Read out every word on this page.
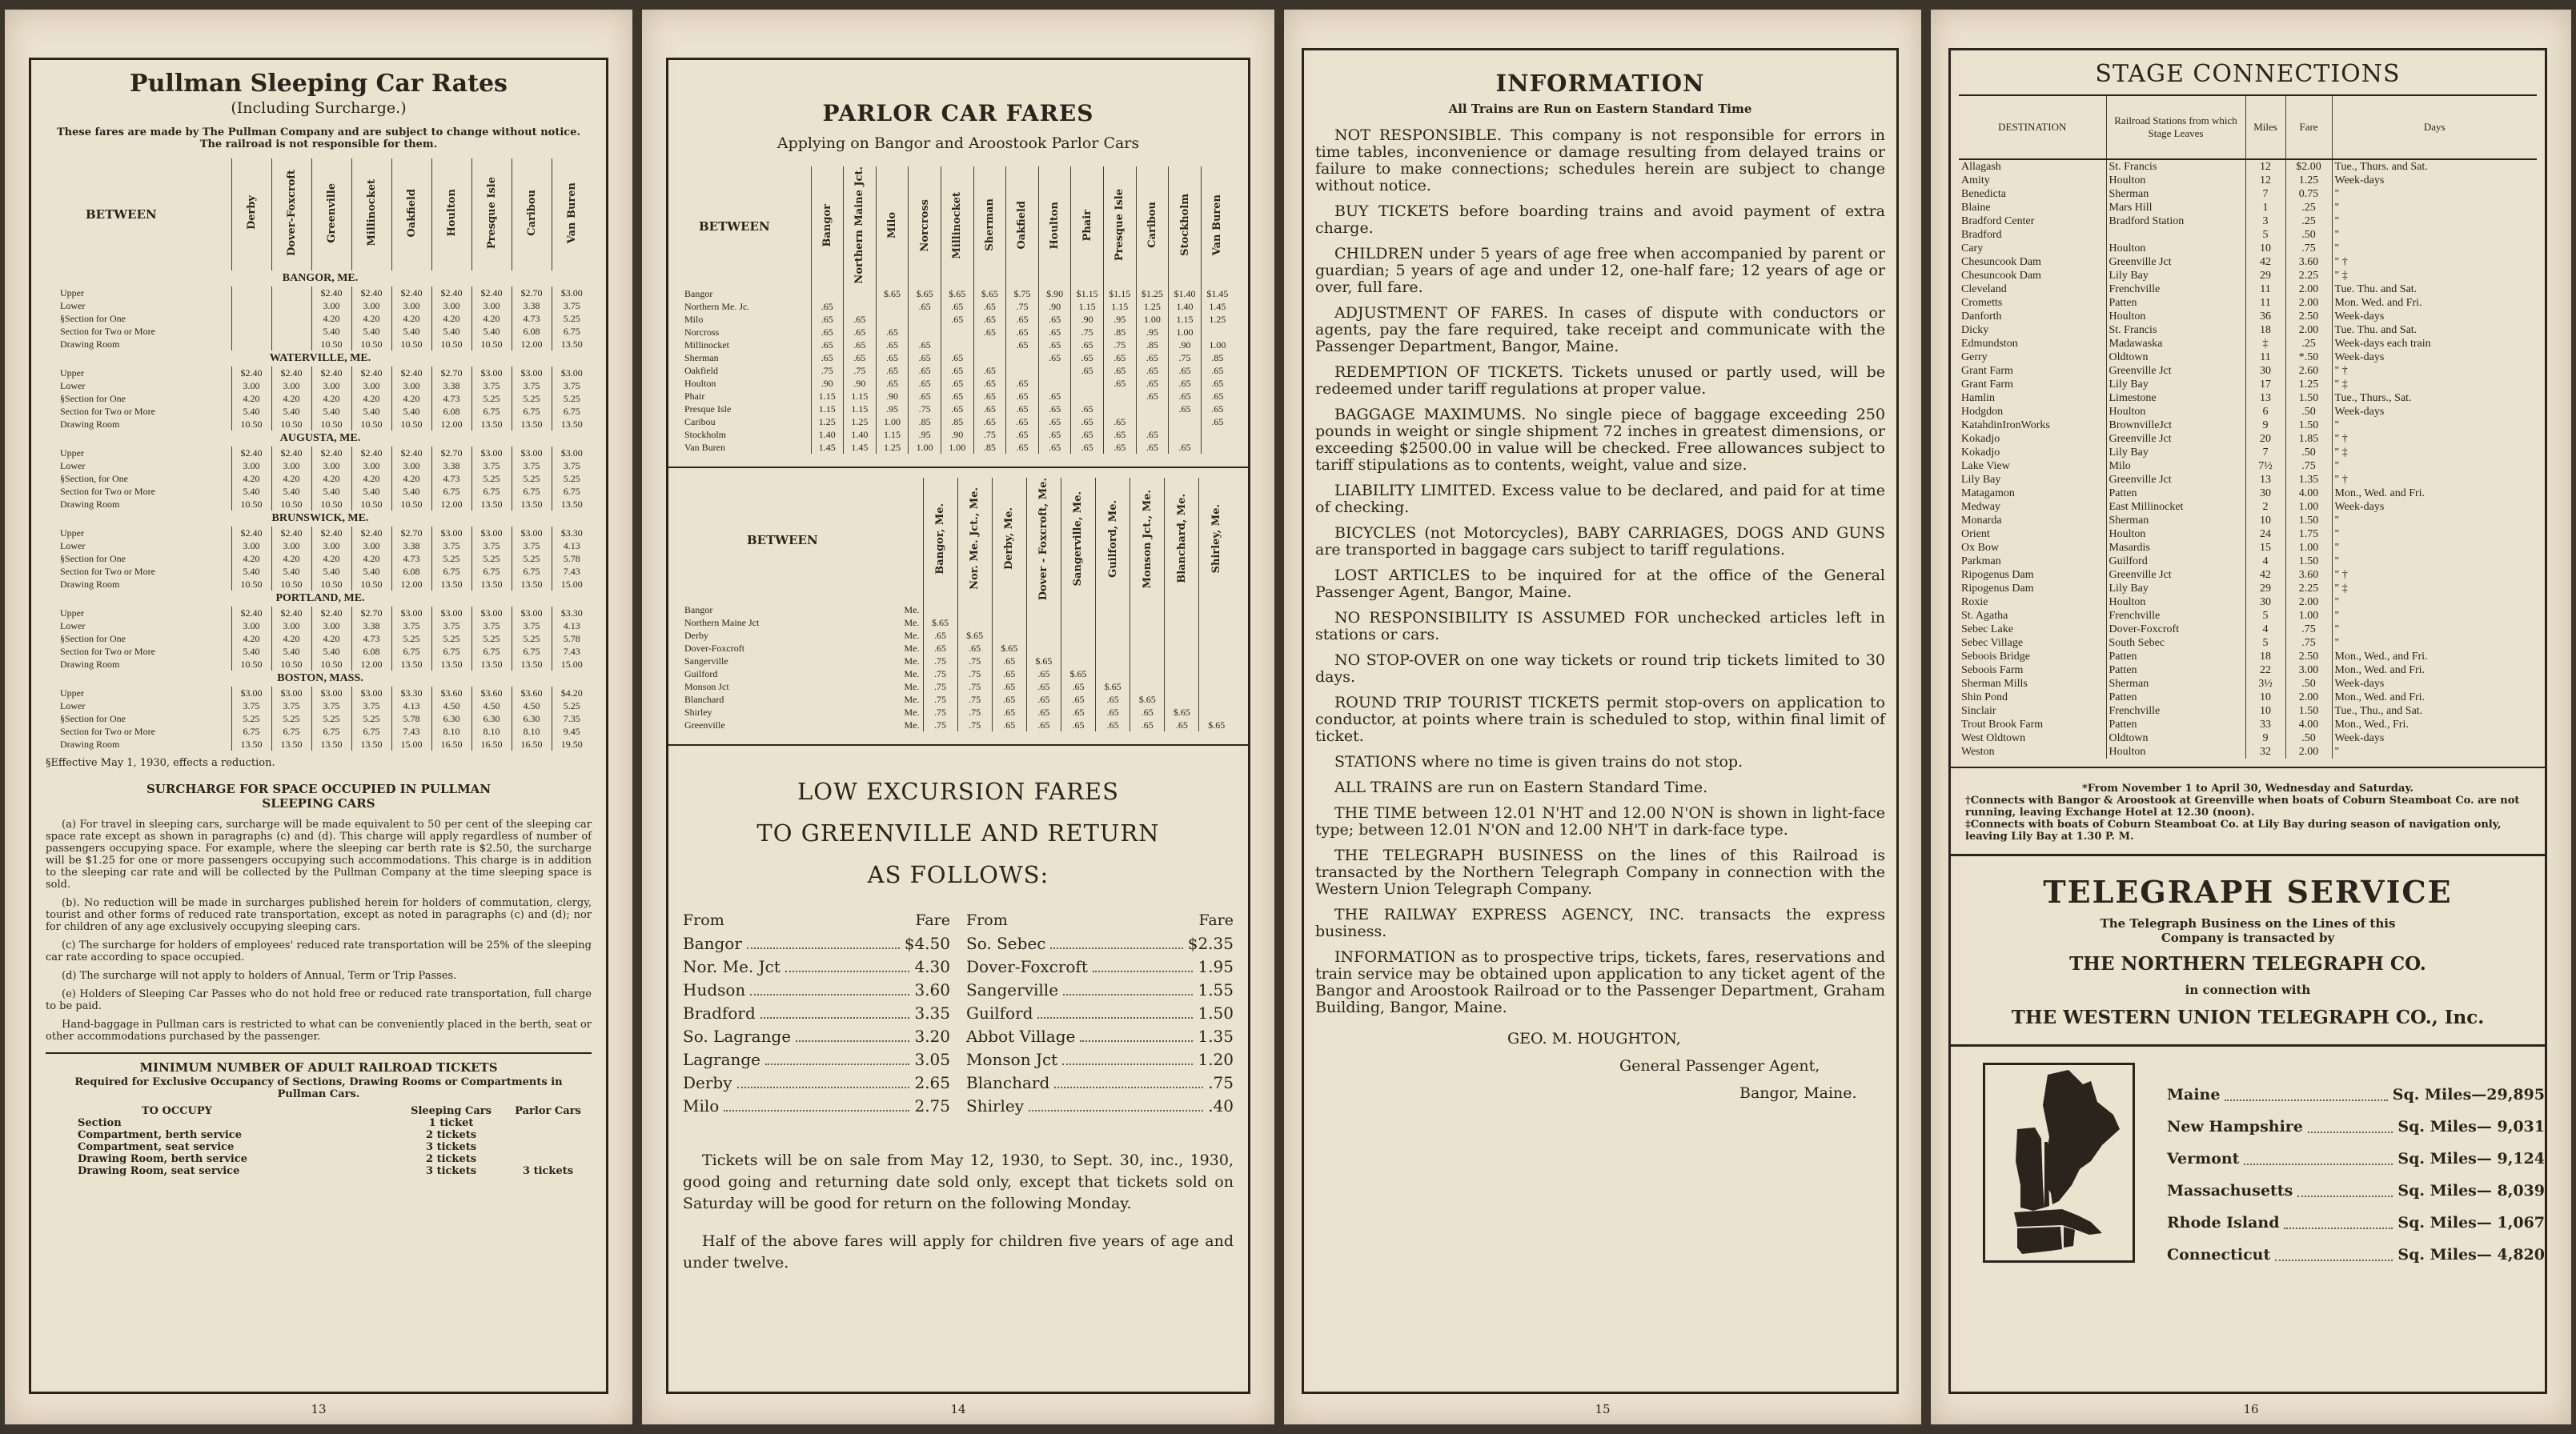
Pullman Sleeping Car Rates
(Including Surcharge.)
These fares are made by The Pullman Company and are subject to change without notice. The railroad is not responsible for them.
BETWEEN	Derby	Dover-Foxcroft	Greenville	Millinocket	Oakfield	Houlton	Presque Isle	Caribou	Van Buren
BANGOR, ME.									
Upper			$2.40	$2.40	$2.40	$2.40	$2.40	$2.70	$3.00
Lower			3.00	3.00	3.00	3.00	3.00	3.38	3.75
§Section for One			4.20	4.20	4.20	4.20	4.20	4.73	5.25
Section for Two or More			5.40	5.40	5.40	5.40	5.40	6.08	6.75
Drawing Room			10.50	10.50	10.50	10.50	10.50	12.00	13.50
WATERVILLE, ME.									
Upper	$2.40	$2.40	$2.40	$2.40	$2.40	$2.70	$3.00	$3.00	$3.00
Lower	3.00	3.00	3.00	3.00	3.00	3.38	3.75	3.75	3.75
§Section for One	4.20	4.20	4.20	4.20	4.20	4.73	5.25	5.25	5.25
Section for Two or More	5.40	5.40	5.40	5.40	5.40	6.08	6.75	6.75	6.75
Drawing Room	10.50	10.50	10.50	10.50	10.50	12.00	13.50	13.50	13.50
AUGUSTA, ME.									
Upper	$2.40	$2.40	$2.40	$2.40	$2.40	$2.70	$3.00	$3.00	$3.00
Lower	3.00	3.00	3.00	3.00	3.00	3.38	3.75	3.75	3.75
§Section, for One	4.20	4.20	4.20	4.20	4.20	4.73	5.25	5.25	5.25
Section for Two or More	5.40	5.40	5.40	5.40	5.40	6.75	6.75	6.75	6.75
Drawing Room	10.50	10.50	10.50	10.50	10.50	12.00	13.50	13.50	13.50
BRUNSWICK, ME.									
Upper	$2.40	$2.40	$2.40	$2.40	$2.70	$3.00	$3.00	$3.00	$3.30
Lower	3.00	3.00	3.00	3.00	3.38	3.75	3.75	3.75	4.13
§Section for One	4.20	4.20	4.20	4.20	4.73	5.25	5.25	5.25	5.78
Section for Two or More	5.40	5.40	5.40	5.40	6.08	6.75	6.75	6.75	7.43
Drawing Room	10.50	10.50	10.50	10.50	12.00	13.50	13.50	13.50	15.00
PORTLAND, ME.									
Upper	$2.40	$2.40	$2.40	$2.70	$3.00	$3.00	$3.00	$3.00	$3.30
Lower	3.00	3.00	3.00	3.38	3.75	3.75	3.75	3.75	4.13
§Section for One	4.20	4.20	4.20	4.73	5.25	5.25	5.25	5.25	5.78
Section for Two or More	5.40	5.40	5.40	6.08	6.75	6.75	6.75	6.75	7.43
Drawing Room	10.50	10.50	10.50	12.00	13.50	13.50	13.50	13.50	15.00
BOSTON, MASS.									
Upper	$3.00	$3.00	$3.00	$3.00	$3.30	$3.60	$3.60	$3.60	$4.20
Lower	3.75	3.75	3.75	3.75	4.13	4.50	4.50	4.50	5.25
§Section for One	5.25	5.25	5.25	5.25	5.78	6.30	6.30	6.30	7.35
Section for Two or More	6.75	6.75	6.75	6.75	7.43	8.10	8.10	8.10	9.45
Drawing Room	13.50	13.50	13.50	13.50	15.00	16.50	16.50	16.50	19.50
§Effective May 1, 1930, effects a reduction.
SURCHARGE FOR SPACE OCCUPIED IN PULLMAN SLEEPING CARS

(a) For travel in sleeping cars, surcharge will be made equivalent to 50 per cent of the sleeping car space rate except as shown in paragraphs (c) and (d). This charge will apply regardless of number of passengers occupying space. For example, where the sleeping car berth rate is $2.50, the surcharge will be $1.25 for one or more passengers occupying such accommodations. This charge is in addition to the sleeping car rate and will be collected by the Pullman Company at the time sleeping space is sold.

(b). No reduction will be made in surcharges published herein for holders of commutation, clergy, tourist and other forms of reduced rate transportation, except as noted in paragraphs (c) and (d); nor for children of any age exclusively occupying sleeping cars.

(c) The surcharge for holders of employees' reduced rate transportation will be 25% of the sleeping car rate according to space occupied.

(d) The surcharge will not apply to holders of Annual, Term or Trip Passes.

(e) Holders of Sleeping Car Passes who do not hold free or reduced rate transportation, full charge to be paid.

Hand-baggage in Pullman cars is restricted to what can be conveniently placed in the berth, seat or other accommodations purchased by the passenger.

MINIMUM NUMBER OF ADULT RAILROAD TICKETS
Required for Exclusive Occupancy of Sections, Drawing Rooms or Compartments in Pullman Cars.
TO OCCUPY	Sleeping Cars	Parlor Cars
Section	1 ticket	
Compartment, berth service	2 tickets	
Compartment, seat service	3 tickets	
Drawing Room, berth service	2 tickets	
Drawing Room, seat service	3 tickets	3 tickets
13
PARLOR CAR FARES
Applying on Bangor and Aroostook Parlor Cars
BETWEEN	Bangor	Northern Maine Jct.	Milo	Norcross	Millinocket	Sherman	Oakfield	Houlton	Phair	Presque Isle	Caribou	Stockholm	Van Buren
Bangor			$.65	$.65	$.65	$.65	$.75	$.90	$1.15	$1.15	$1.25	$1.40	$1.45
Northern Me. Jc.	.65			.65	.65	.65	.75	.90	1.15	1.15	1.25	1.40	1.45
Milo	.65	.65			.65	.65	.65	.65	.90	.95	1.00	1.15	1.25
Norcross	.65	.65	.65			.65	.65	.65	.75	.85	.95	1.00	
Millinocket	.65	.65	.65	.65			.65	.65	.65	.75	.85	.90	1.00
Sherman	.65	.65	.65	.65	.65			.65	.65	.65	.65	.75	.85
Oakfield	.75	.75	.65	.65	.65	.65			.65	.65	.65	.65	.65
Houlton	.90	.90	.65	.65	.65	.65	.65			.65	.65	.65	.65
Phair	1.15	1.15	.90	.65	.65	.65	.65	.65			.65	.65	.65
Presque Isle	1.15	1.15	.95	.75	.65	.65	.65	.65	.65			.65	.65
Caribou	1.25	1.25	1.00	.85	.85	.65	.65	.65	.65	.65			.65
Stockholm	1.40	1.40	1.15	.95	.90	.75	.65	.65	.65	.65	.65		
Van Buren	1.45	1.45	1.25	1.00	1.00	.85	.65	.65	.65	.65	.65	.65	
BETWEEN	Bangor, Me.	Nor. Me. Jct., Me.	Derby, Me.	Dover - Foxcroft, Me.	Sangerville, Me.	Guilford, Me.	Monson Jct., Me.	Blanchard, Me.	Shirley, Me.

Bangor	Me.

Northern Maine Jct	Me.	$.65								

Derby	Me.	.65	$.65							

Dover-Foxcroft	Me.	.65	.65	$.65						

Sangerville	Me.	.75	.75	.65	$.65					

Guilford	Me.	.75	.75	.65	.65	$.65				

Monson Jct	Me.	.75	.75	.65	.65	.65	$.65			

Blanchard	Me.	.75	.75	.65	.65	.65	.65	$.65		

Shirley	Me.	.75	.75	.65	.65	.65	.65	.65	$.65	

Greenville	Me.	.75	.75	.65	.65	.65	.65	.65	.65	$.65
LOW EXCURSION FARES
TO GREENVILLE AND RETURN
AS FOLLOWS:
From	Fare
Bangor	$4.50
Nor. Me. Jct	4.30
Hudson	3.60
Bradford	3.35
So. Lagrange	3.20
Lagrange	3.05
Derby	2.65
Milo	2.75
From	Fare
So. Sebec	$2.35
Dover-Foxcroft	1.95
Sangerville	1.55
Guilford	1.50
Abbot Village	1.35
Monson Jct	1.20
Blanchard	.75
Shirley	.40

Tickets will be on sale from May 12, 1930, to Sept. 30, inc., 1930, good going and returning date sold only, except that tickets sold on Saturday will be good for return on the following Monday.

Half of the above fares will apply for children five years of age and under twelve.

14
INFORMATION
All Trains are Run on Eastern Standard Time

NOT RESPONSIBLE. This company is not responsible for errors in time tables, inconvenience or damage resulting from delayed trains or failure to make connections; schedules herein are subject to change without notice.

BUY TICKETS before boarding trains and avoid payment of extra charge.

CHILDREN under 5 years of age free when accompanied by parent or guardian; 5 years of age and under 12, one-half fare; 12 years of age or over, full fare.

ADJUSTMENT OF FARES. In cases of dispute with conductors or agents, pay the fare required, take receipt and communicate with the Passenger Department, Bangor, Maine.

REDEMPTION OF TICKETS. Tickets unused or partly used, will be redeemed under tariff regulations at proper value.

BAGGAGE MAXIMUMS. No single piece of baggage exceeding 250 pounds in weight or single shipment 72 inches in greatest dimensions, or exceeding $2500.00 in value will be checked. Free allowances subject to tariff stipulations as to contents, weight, value and size.

LIABILITY LIMITED. Excess value to be declared, and paid for at time of checking.

BICYCLES (not Motorcycles), BABY CARRIAGES, DOGS AND GUNS are transported in baggage cars subject to tariff regulations.

LOST ARTICLES to be inquired for at the office of the General Passenger Agent, Bangor, Maine.

NO RESPONSIBILITY IS ASSUMED FOR unchecked articles left in stations or cars.

NO STOP-OVER on one way tickets or round trip tickets limited to 30 days.

ROUND TRIP TOURIST TICKETS permit stop-overs on application to conductor, at points where train is scheduled to stop, within final limit of ticket.

STATIONS where no time is given trains do not stop.

ALL TRAINS are run on Eastern Standard Time.

THE TIME between 12.01 N'HT and 12.00 N'ON is shown in light-face type; between 12.01 N'ON and 12.00 NH'T in dark-face type.

THE TELEGRAPH BUSINESS on the lines of this Railroad is transacted by the Northern Telegraph Company in connection with the Western Union Telegraph Company.

THE RAILWAY EXPRESS AGENCY, INC. transacts the express business.

INFORMATION as to prospective trips, tickets, fares, reservations and train service may be obtained upon application to any ticket agent of the Bangor and Aroostook Railroad or to the Passenger Department, Graham Building, Bangor, Maine.

GEO. M. HOUGHTON,
General Passenger Agent,
Bangor, Maine.
15
STAGE CONNECTIONS
DESTINATION	Railroad Stations from which Stage Leaves	Miles	Fare	Days
Allagash	St. Francis	12	$2.00	Tue., Thurs. and Sat.
Amity	Houlton	12	1.25	Week-days
Benedicta	Sherman	7	0.75	"
Blaine	Mars Hill	1	.25	"
Bradford Center	Bradford Station	3	.25	"
Bradford		5	.50	"
Cary	Houlton	10	.75	"
Chesuncook Dam	Greenville Jct	42	3.60	" †
Chesuncook Dam	Lily Bay	29	2.25	" ‡
Cleveland	Frenchville	11	2.00	Tue. Thu. and Sat.
Crometts	Patten	11	2.00	Mon. Wed. and Fri.
Danforth	Houlton	36	2.50	Week-days
Dicky	St. Francis	18	2.00	Tue. Thu. and Sat.
Edmundston	Madawaska	‡	.25	Week-days each train
Gerry	Oldtown	11	*.50	Week-days
Grant Farm	Greenville Jct	30	2.60	" †
Grant Farm	Lily Bay	17	1.25	" ‡
Hamlin	Limestone	13	1.50	Tue., Thurs., Sat.
Hodgdon	Houlton	6	.50	Week-days
KatahdinIronWorks	BrownvilleJct	9	1.50	"
Kokadjo	Greenville Jct	20	1.85	" †
Kokadjo	Lily Bay	7	.50	" ‡
Lake View	Milo	7½	.75	"
Lily Bay	Greenville Jct	13	1.35	" †
Matagamon	Patten	30	4.00	Mon., Wed. and Fri.
Medway	East Millinocket	2	1.00	Week-days
Monarda	Sherman	10	1.50	"
Orient	Houlton	24	1.75	"
Ox Bow	Masardis	15	1.00	"
Parkman	Guilford	4	1.50	"
Ripogenus Dam	Greenville Jct	42	3.60	" †
Ripogenus Dam	Lily Bay	29	2.25	" ‡
Roxie	Houlton	30	2.00	"
St. Agatha	Frenchville	5	1.00	"
Sebec Lake	Dover-Foxcroft	4	.75	"
Sebec Village	South Sebec	5	.75	"
Seboois Bridge	Patten	18	2.50	Mon., Wed., and Fri.
Seboois Farm	Patten	22	3.00	Mon., Wed. and Fri.
Sherman Mills	Sherman	3½	.50	Week-days
Shin Pond	Patten	10	2.00	Mon., Wed. and Fri.
Sinclair	Frenchville	10	1.50	Tue., Thu., and Sat.
Trout Brook Farm	Patten	33	4.00	Mon., Wed., Fri.
West Oldtown	Oldtown	9	.50	Week-days
Weston	Houlton	32	2.00	"
*From November 1 to April 30, Wednesday and Saturday.
†Connects with Bangor & Aroostook at Greenville when boats of Coburn Steamboat Co. are not running, leaving Exchange Hotel at 12.30 (noon).
‡Connects with boats of Coburn Steamboat Co. at Lily Bay during season of navigation only, leaving Lily Bay at 1.30 P. M.
TELEGRAPH SERVICE
The Telegraph Business on the Lines of this Company is transacted by
THE NORTHERN TELEGRAPH CO.
in connection with
THE WESTERN UNION TELEGRAPH CO., Inc.
Maine	Sq. Miles—29,895
New Hampshire	Sq. Miles— 9,031
Vermont	Sq. Miles— 9,124
Massachusetts	Sq. Miles— 8,039
Rhode Island	Sq. Miles— 1,067
Connecticut	Sq. Miles— 4,820
16
